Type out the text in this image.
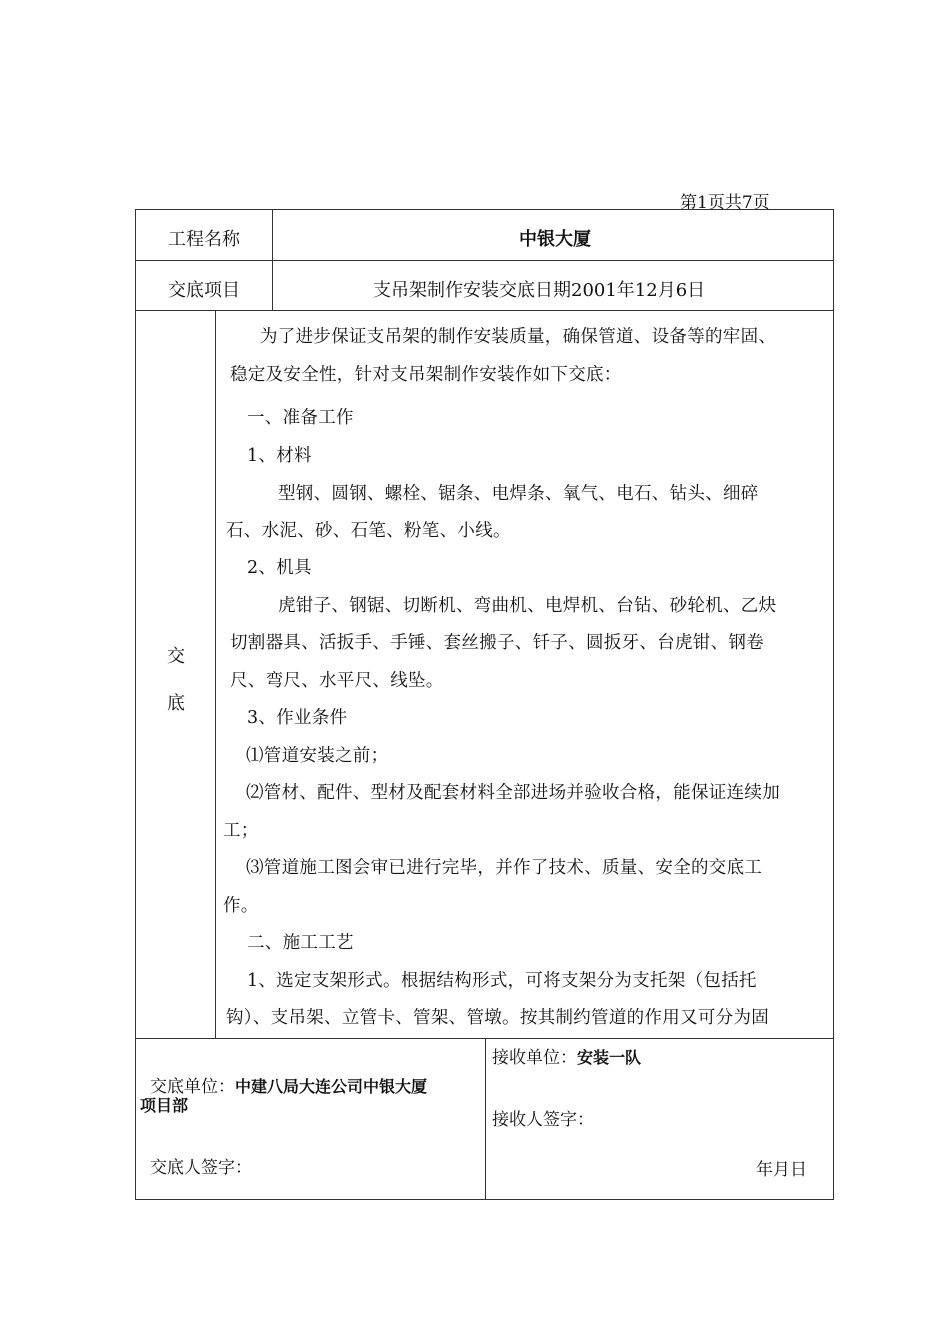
第1页共7页
工程名称	中银大厦
交底项目	支吊架制作安装交底日期2001年12月6日
交
底
为了进步保证支吊架的制作安装质量，确保管道、设备等的牢固、
稳定及安全性，针对支吊架制作安装作如下交底：
一、准备工作
1、材料
型钢、圆钢、螺栓、锯条、电焊条、氧气、电石、钻头、细碎
石、水泥、砂、石笔、粉笔、小线。
2、机具
虎钳子、钢锯、切断机、弯曲机、电焊机、台钻、砂轮机、乙炔
切割器具、活扳手、手锤、套丝搬子、钎子、圆扳牙、台虎钳、钢卷
尺、弯尺、水平尺、线坠。
3、作业条件
⑴管道安装之前；
⑵管材、配件、型材及配套材料全部进场并验收合格，能保证连续加
工；
⑶管道施工图会审已进行完毕，并作了技术、质量、安全的交底工
作。
二、施工工艺
1、选定支架形式。根据结构形式，可将支架分为支托架（包括托
钩）、支吊架、立管卡、管架、管墩。按其制约管道的作用又可分为固
交底单位：中建八局大连公司中银大厦
项目部
交底人签字：
接收单位：安装一队
接收人签字：
年月日
